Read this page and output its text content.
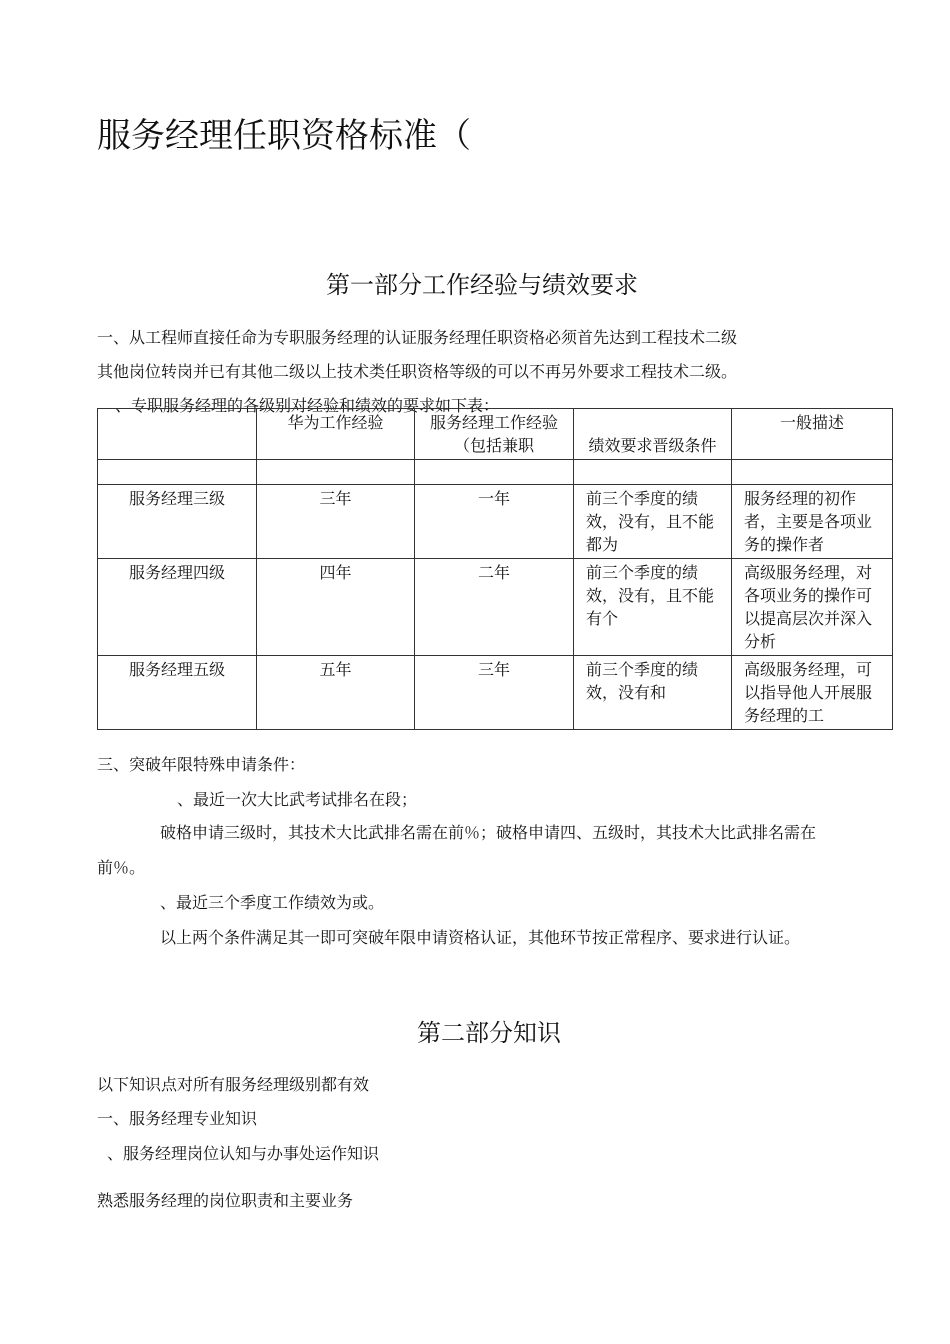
服务经理任职资格标准（
第一部分工作经验与绩效要求
一、从工程师直接任命为专职服务经理的认证服务经理任职资格必须首先达到工程技术二级
其他岗位转岗并已有其他二级以上技术类任职资格等级的可以不再另外要求工程技术二级。
、专职服务经理的各级别对经验和绩效的要求如下表：
	华为工作经验	服务经理工作经验（包括兼职	绩效要求晋级条件	一般描述

服务经理三级	三年	一年	前三个季度的绩效，没有，且不能都为	服务经理的初作者，主要是各项业务的操作者
服务经理四级	四年	二年	前三个季度的绩效，没有，且不能有个	高级服务经理，对各项业务的操作可以提高层次并深入分析
服务经理五级	五年	三年	前三个季度的绩效，没有和	高级服务经理，可以指导他人开展服务经理的工
三、突破年限特殊申请条件：
、最近一次大比武考试排名在段；
破格申请三级时，其技术大比武排名需在前％；破格申请四、五级时，其技术大比武排名需在
前％。
、最近三个季度工作绩效为或。
以上两个条件满足其一即可突破年限申请资格认证，其他环节按正常程序、要求进行认证。
第二部分知识
以下知识点对所有服务经理级别都有效
一、服务经理专业知识
、服务经理岗位认知与办事处运作知识
熟悉服务经理的岗位职责和主要业务
